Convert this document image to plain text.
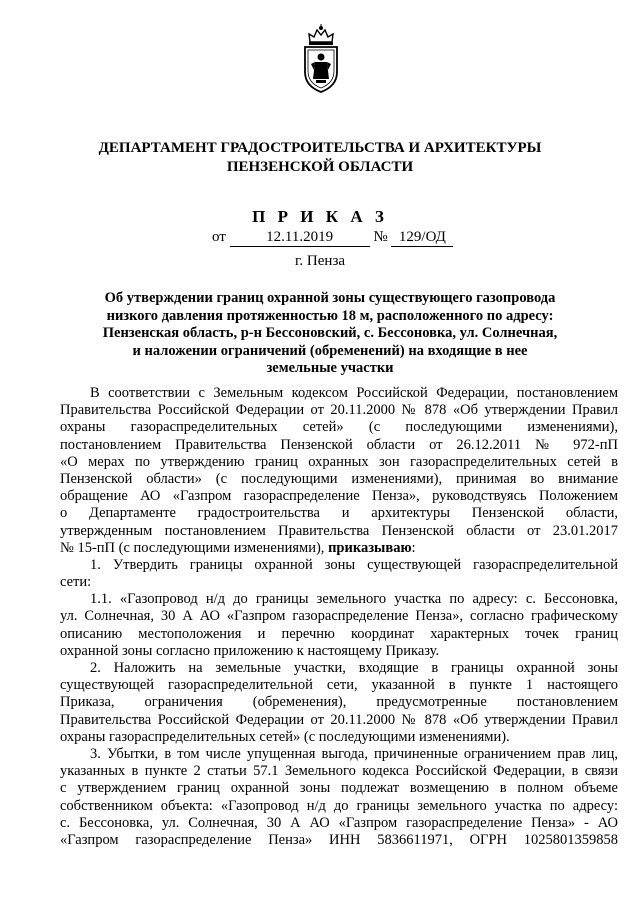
ДЕПАРТАМЕНТ ГРАДОСТРОИТЕЛЬСТВА И АРХИТЕКТУРЫ
ПЕНЗЕНСКОЙ ОБЛАСТИ
П Р И К А З
от	12.11.2019	№ 129/ОД
г. Пенза
Об утверждении границ охранной зоны существующего газопровода
низкого давления протяженностью 18 м, расположенного по адресу:
Пензенская область, р-н Бессоновский, с. Бессоновка, ул. Солнечная,
и наложении ограничений (обременений) на входящие в нее
земельные участки
В соответствии с Земельным кодексом Российской Федерации, постановлением
Правительства Российской Федерации от 20.11.2000 № 878 «Об утверждении Правил
охраны газораспределительных сетей» (с последующими изменениями),
постановлением Правительства Пензенской области от 26.12.2011 № 972-пП
«О мерах по утверждению границ охранных зон газораспределительных сетей в
Пензенской области» (с последующими изменениями), принимая во внимание
обращение АО «Газпром газораспределение Пенза», руководствуясь Положением
о Департаменте градостроительства и архитектуры Пензенской области,
утвержденным постановлением Правительства Пензенской области от 23.01.2017
№ 15-пП (с последующими изменениями), приказываю:
1. Утвердить границы охранной зоны существующей газораспределительной
сети:
1.1. «Газопровод н/д до границы земельного участка по адресу: с. Бессоновка,
ул. Солнечная, 30 А АО «Газпром газораспределение Пенза», согласно графическому
описанию местоположения и перечню координат характерных точек границ
охранной зоны согласно приложению к настоящему Приказу.
2. Наложить на земельные участки, входящие в границы охранной зоны
существующей газораспределительной сети, указанной в пункте 1 настоящего
Приказа, ограничения (обременения), предусмотренные постановлением
Правительства Российской Федерации от 20.11.2000 № 878 «Об утверждении Правил
охраны газораспределительных сетей» (с последующими изменениями).
3. Убытки, в том числе упущенная выгода, причиненные ограничением прав лиц,
указанных в пункте 2 статьи 57.1 Земельного кодекса Российской Федерации, в связи
с утверждением границ охранной зоны подлежат возмещению в полном объеме
собственником объекта: «Газопровод н/д до границы земельного участка по адресу:
с. Бессоновка, ул. Солнечная, 30 А АО «Газпром газораспределение Пенза» - АО
«Газпром газораспределение Пенза» ИНН 5836611971, ОГРН 1025801359858
